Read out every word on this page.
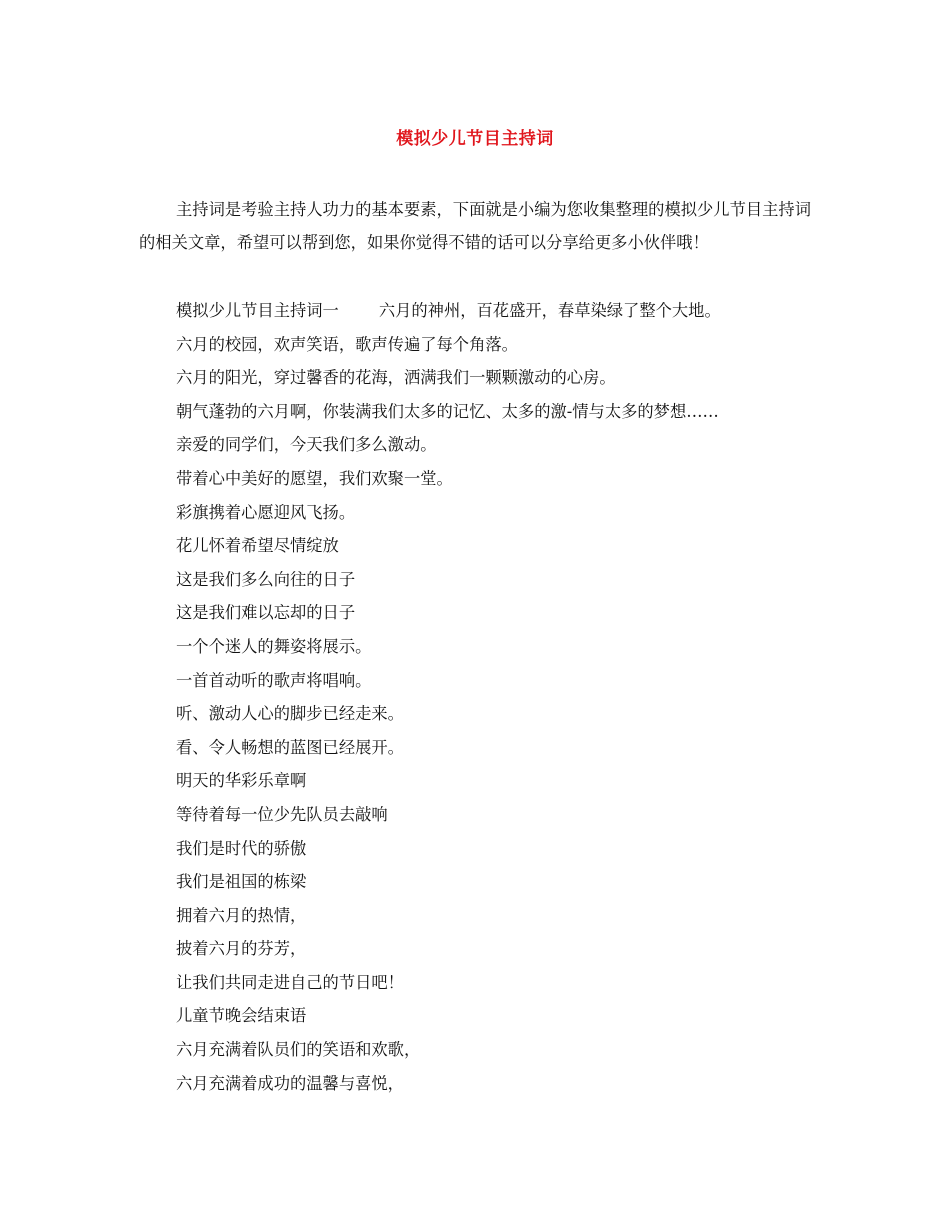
模拟少儿节目主持词

主持词是考验主持人功力的基本要素，下面就是小编为您收集整理的模拟少儿节目主持词的相关文章，希望可以帮到您，如果你觉得不错的话可以分享给更多小伙伴哦！

模拟少儿节目主持词一 六月的神州，百花盛开，春草染绿了整个大地。
六月的校园，欢声笑语，歌声传遍了每个角落。
六月的阳光，穿过馨香的花海，洒满我们一颗颗激动的心房。
朝气蓬勃的六月啊，你装满我们太多的记忆、太多的激-情与太多的梦想……
亲爱的同学们，今天我们多么激动。
带着心中美好的愿望，我们欢聚一堂。
彩旗携着心愿迎风飞扬。
花儿怀着希望尽情绽放
这是我们多么向往的日子
这是我们难以忘却的日子
一个个迷人的舞姿将展示。
一首首动听的歌声将唱响。
听、激动人心的脚步已经走来。
看、令人畅想的蓝图已经展开。
明天的华彩乐章啊
等待着每一位少先队员去敲响
我们是时代的骄傲
我们是祖国的栋梁
拥着六月的热情，
披着六月的芬芳，
让我们共同走进自己的节日吧！
儿童节晚会结束语
六月充满着队员们的笑语和欢歌，
六月充满着成功的温馨与喜悦，
